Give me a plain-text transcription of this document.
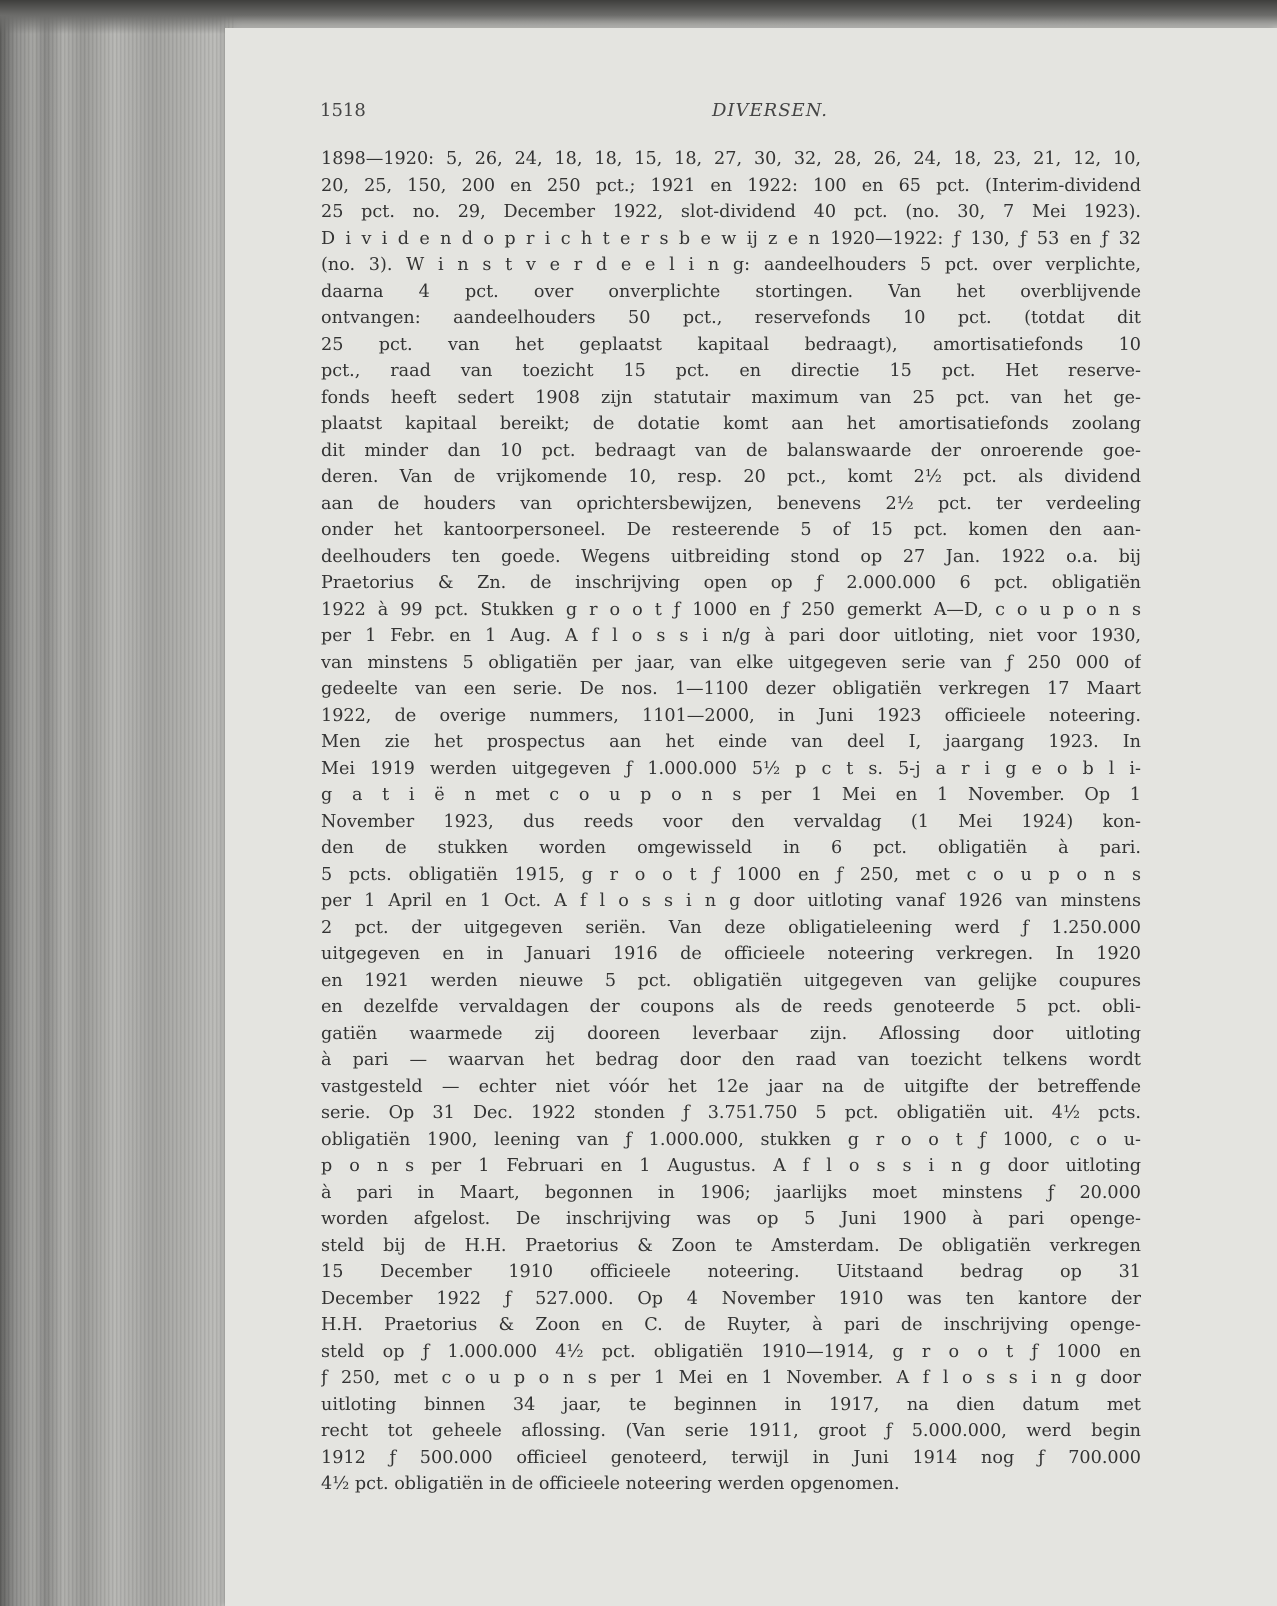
1518	DIVERSEN.
1898—1920: 5, 26, 24, 18, 18, 15, 18, 27, 30, 32, 28, 26, 24, 18, 23, 21, 12, 10,
20, 25, 150, 200 en 250 pct.; 1921 en 1922: 100 en 65 pct. (Interim-dividend
25 pct. no. 29, December 1922, slot-dividend 40 pct. (no. 30, 7 Mei 1923).
D i v i d e n d o p r i c h t e r s b e w ij z e n 1920—1922: ƒ 130, ƒ 53 en ƒ 32
(no. 3). W i n s t v e r d e e l i n g: aandeelhouders 5 pct. over verplichte,
daarna 4 pct. over onverplichte stortingen. Van het overblijvende
ontvangen: aandeelhouders 50 pct., reservefonds 10 pct. (totdat dit
25 pct. van het geplaatst kapitaal bedraagt), amortisatiefonds 10
pct., raad van toezicht 15 pct. en directie 15 pct. Het reserve-
fonds heeft sedert 1908 zijn statutair maximum van 25 pct. van het ge-
plaatst kapitaal bereikt; de dotatie komt aan het amortisatiefonds zoolang
dit minder dan 10 pct. bedraagt van de balanswaarde der onroerende goe-
deren. Van de vrijkomende 10, resp. 20 pct., komt 2½ pct. als dividend
aan de houders van oprichtersbewijzen, benevens 2½ pct. ter verdeeling
onder het kantoorpersoneel. De resteerende 5 of 15 pct. komen den aan-
deelhouders ten goede. Wegens uitbreiding stond op 27 Jan. 1922 o.a. bij
Praetorius & Zn. de inschrijving open op ƒ 2.000.000 6 pct. obligatiën
1922 à 99 pct. Stukken g r o o t ƒ 1000 en ƒ 250 gemerkt A—D, c o u p o n s
per 1 Febr. en 1 Aug. A f l o s s i n/g à pari door uitloting, niet voor 1930,
van minstens 5 obligatiën per jaar, van elke uitgegeven serie van ƒ 250 000 of
gedeelte van een serie. De nos. 1—1100 dezer obligatiën verkregen 17 Maart
1922, de overige nummers, 1101—2000, in Juni 1923 officieele noteering.
Men zie het prospectus aan het einde van deel I, jaargang 1923. In
Mei 1919 werden uitgegeven ƒ 1.000.000 5½ p c t s. 5-j a r i g e o b l i-
g a t i ë n met c o u p o n s per 1 Mei en 1 November. Op 1
November 1923, dus reeds voor den vervaldag (1 Mei 1924) kon-
den de stukken worden omgewisseld in 6 pct. obligatiën à pari.
5 pcts. obligatiën 1915, g r o o t ƒ 1000 en ƒ 250, met c o u p o n s
per 1 April en 1 Oct. A f l o s s i n g door uitloting vanaf 1926 van minstens
2 pct. der uitgegeven seriën. Van deze obligatieleening werd ƒ 1.250.000
uitgegeven en in Januari 1916 de officieele noteering verkregen. In 1920
en 1921 werden nieuwe 5 pct. obligatiën uitgegeven van gelijke coupures
en dezelfde vervaldagen der coupons als de reeds genoteerde 5 pct. obli-
gatiën waarmede zij dooreen leverbaar zijn. Aflossing door uitloting
à pari — waarvan het bedrag door den raad van toezicht telkens wordt
vastgesteld — echter niet vóór het 12e jaar na de uitgifte der betreffende
serie. Op 31 Dec. 1922 stonden ƒ 3.751.750 5 pct. obligatiën uit. 4½ pcts.
obligatiën 1900, leening van ƒ 1.000.000, stukken g r o o t ƒ 1000, c o u-
p o n s per 1 Februari en 1 Augustus. A f l o s s i n g door uitloting
à pari in Maart, begonnen in 1906; jaarlijks moet minstens ƒ 20.000
worden afgelost. De inschrijving was op 5 Juni 1900 à pari openge-
steld bij de H.H. Praetorius & Zoon te Amsterdam. De obligatiën verkregen
15 December 1910 officieele noteering. Uitstaand bedrag op 31
December 1922 ƒ 527.000. Op 4 November 1910 was ten kantore der
H.H. Praetorius & Zoon en C. de Ruyter, à pari de inschrijving openge-
steld op ƒ 1.000.000 4½ pct. obligatiën 1910—1914, g r o o t ƒ 1000 en
ƒ 250, met c o u p o n s per 1 Mei en 1 November. A f l o s s i n g door
uitloting binnen 34 jaar, te beginnen in 1917, na dien datum met
recht tot geheele aflossing. (Van serie 1911, groot ƒ 5.000.000, werd begin
1912 ƒ 500.000 officieel genoteerd, terwijl in Juni 1914 nog ƒ 700.000
4½ pct. obligatiën in de officieele noteering werden opgenomen.
